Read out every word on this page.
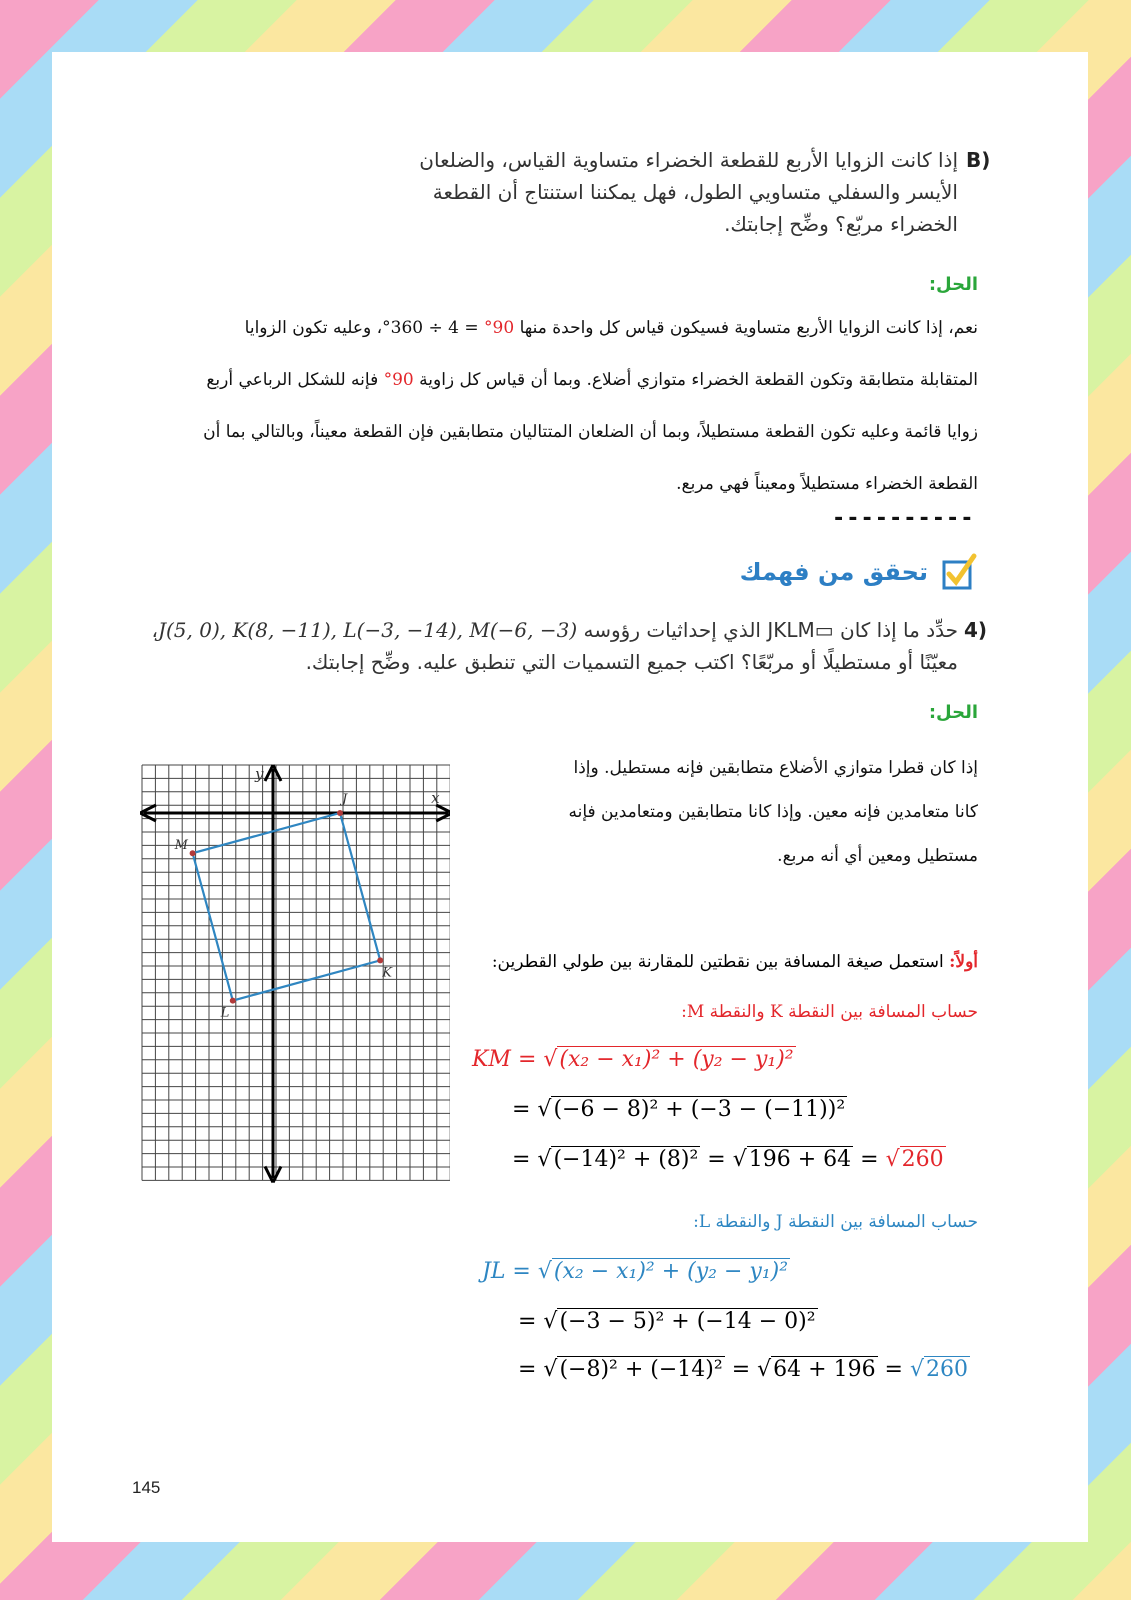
B)
إذا كانت الزوايا الأربع للقطعة الخضراء متساوية القياس، والضلعان
الأيسر والسفلي متساويي الطول، فهل يمكننا استنتاج أن القطعة
الخضراء مربّع؟ وضِّح إجابتك.
الحل:
نعم، إذا كانت الزوايا الأربع متساوية فسيكون قياس كل واحدة منها 90° = 4 ÷ 360°، وعليه تكون الزوايا
المتقابلة متطابقة وتكون القطعة الخضراء متوازي أضلاع. وبما أن قياس كل زاوية 90° فإنه للشكل الرباعي أربع
زوايا قائمة وعليه تكون القطعة مستطيلاً، وبما أن الضلعان المتتاليان متطابقين فإن القطعة معيناً، وبالتالي بما أن
القطعة الخضراء مستطيلاً ومعيناً فهي مربع.
----------
تحقق من فهمك
4)
حدِّد ما إذا كان ▭JKLM الذي إحداثيات رؤوسه J(5, 0), K(8, −11), L(−3, −14), M(−6, −3)،
معيّنًا أو مستطيلًا أو مربّعًا؟ اكتب جميع التسميات التي تنطبق عليه. وضِّح إجابتك.
الحل:
x
y
J
K
L
M
إذا كان قطرا متوازي الأضلاع متطابقين فإنه مستطيل. وإذا
كانا متعامدين فإنه معين. وإذا كانا متطابقين ومتعامدين فإنه
مستطيل ومعين أي أنه مربع.
أولاً: استعمل صيغة المسافة بين نقطتين للمقارنة بين طولي القطرين:
حساب المسافة بين النقطة K والنقطة M:
KM = √(x₂ − x₁)² + (y₂ − y₁)²
= √(−6 − 8)² + (−3 − (−11))²
= √(−14)² + (8)² = √196 + 64 = √260
حساب المسافة بين النقطة J والنقطة L:
JL = √(x₂ − x₁)² + (y₂ − y₁)²
= √(−3 − 5)² + (−14 − 0)²
= √(−8)² + (−14)² = √64 + 196 = √260
145
